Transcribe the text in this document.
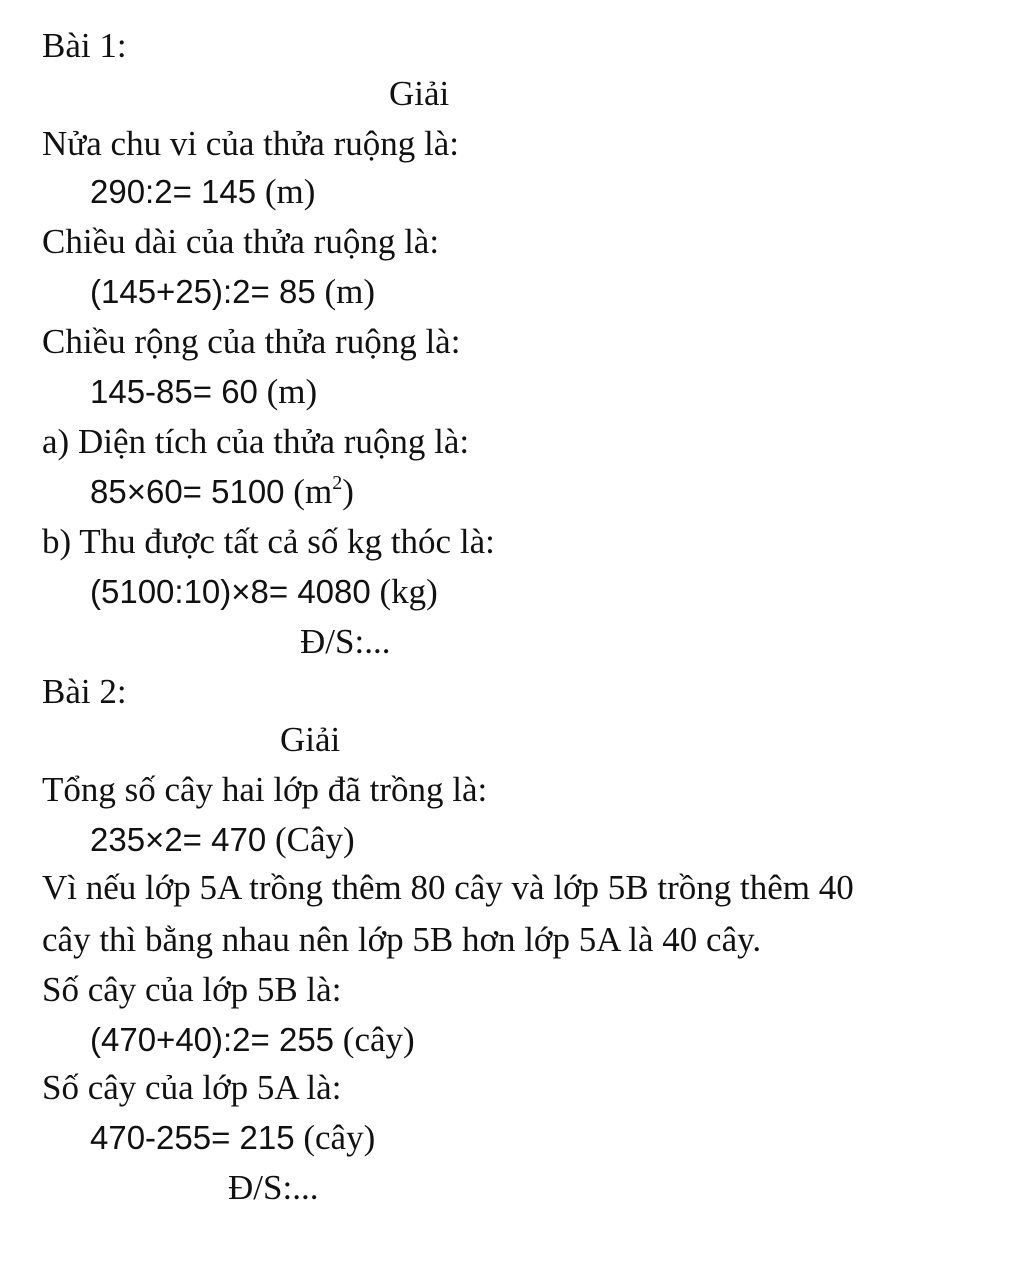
Bài 1:
Giải
Nửa chu vi của thửa ruộng là:
290:2= 145 (m)
Chiều dài của thửa ruộng là:
(145+25):2= 85 (m)
Chiều rộng của thửa ruộng là:
145-85= 60 (m)
a) Diện tích của thửa ruộng là:
85×60= 5100 $(m^2)$
b) Thu được tất cả số kg thóc là:
(5100:10)×8= 4080 (kg)
Đ/S:...
Bài 2:
Giải
Tổng số cây hai lớp đã trồng là:
235×2= 470 (Cây)
Vì nếu lớp 5A trồng thêm 80 cây và lớp 5B trồng thêm 40
cây thì bằng nhau nên lớp 5B hơn lớp 5A là 40 cây.
Số cây của lớp 5B là:
(470+40):2= 255 (cây)
Số cây của lớp 5A là:
470-255= 215 (cây)
Đ/S:...
